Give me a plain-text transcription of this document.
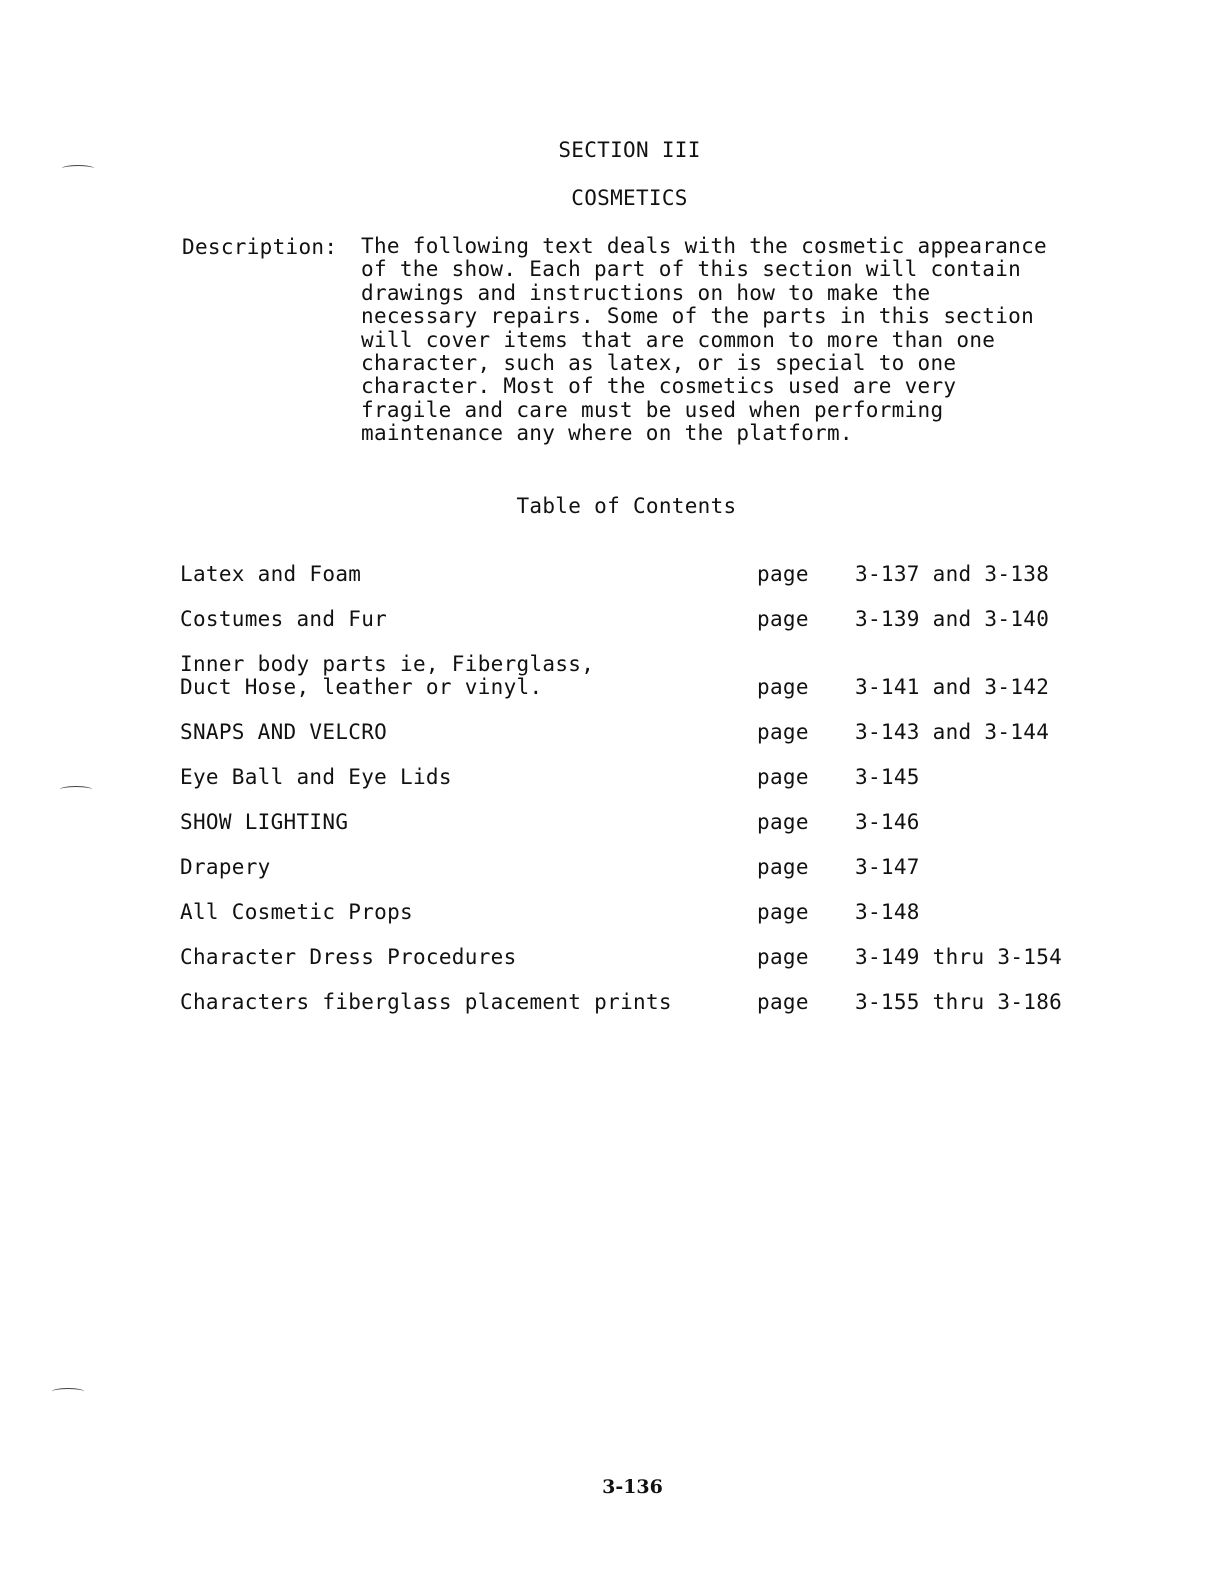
SECTION III
COSMETICS
Description: The following text deals with the cosmetic appearance
of the show. Each part of this section will contain
drawings and instructions on how to make the
necessary repairs. Some of the parts in this section
will cover items that are common to more than one
character, such as latex, or is special to one
character. Most of the cosmetics used are very
fragile and care must be used when performing
maintenance any where on the platform.
Table of Contents
Latex and Foam	page 3-137 and 3-138
Costumes and Fur	page 3-139 and 3-140
Inner body parts ie, Fiberglass,
Duct Hose, leather or vinyl.	page 3-141 and 3-142
SNAPS AND VELCRO	page 3-143 and 3-144
Eye Ball and Eye Lids	page 3-145
SHOW LIGHTING	page 3-146
Drapery	page 3-147
All Cosmetic Props	page 3-148
Character Dress Procedures	page 3-149 thru 3-154
Characters fiberglass placement prints	page 3-155 thru 3-186
3-136
